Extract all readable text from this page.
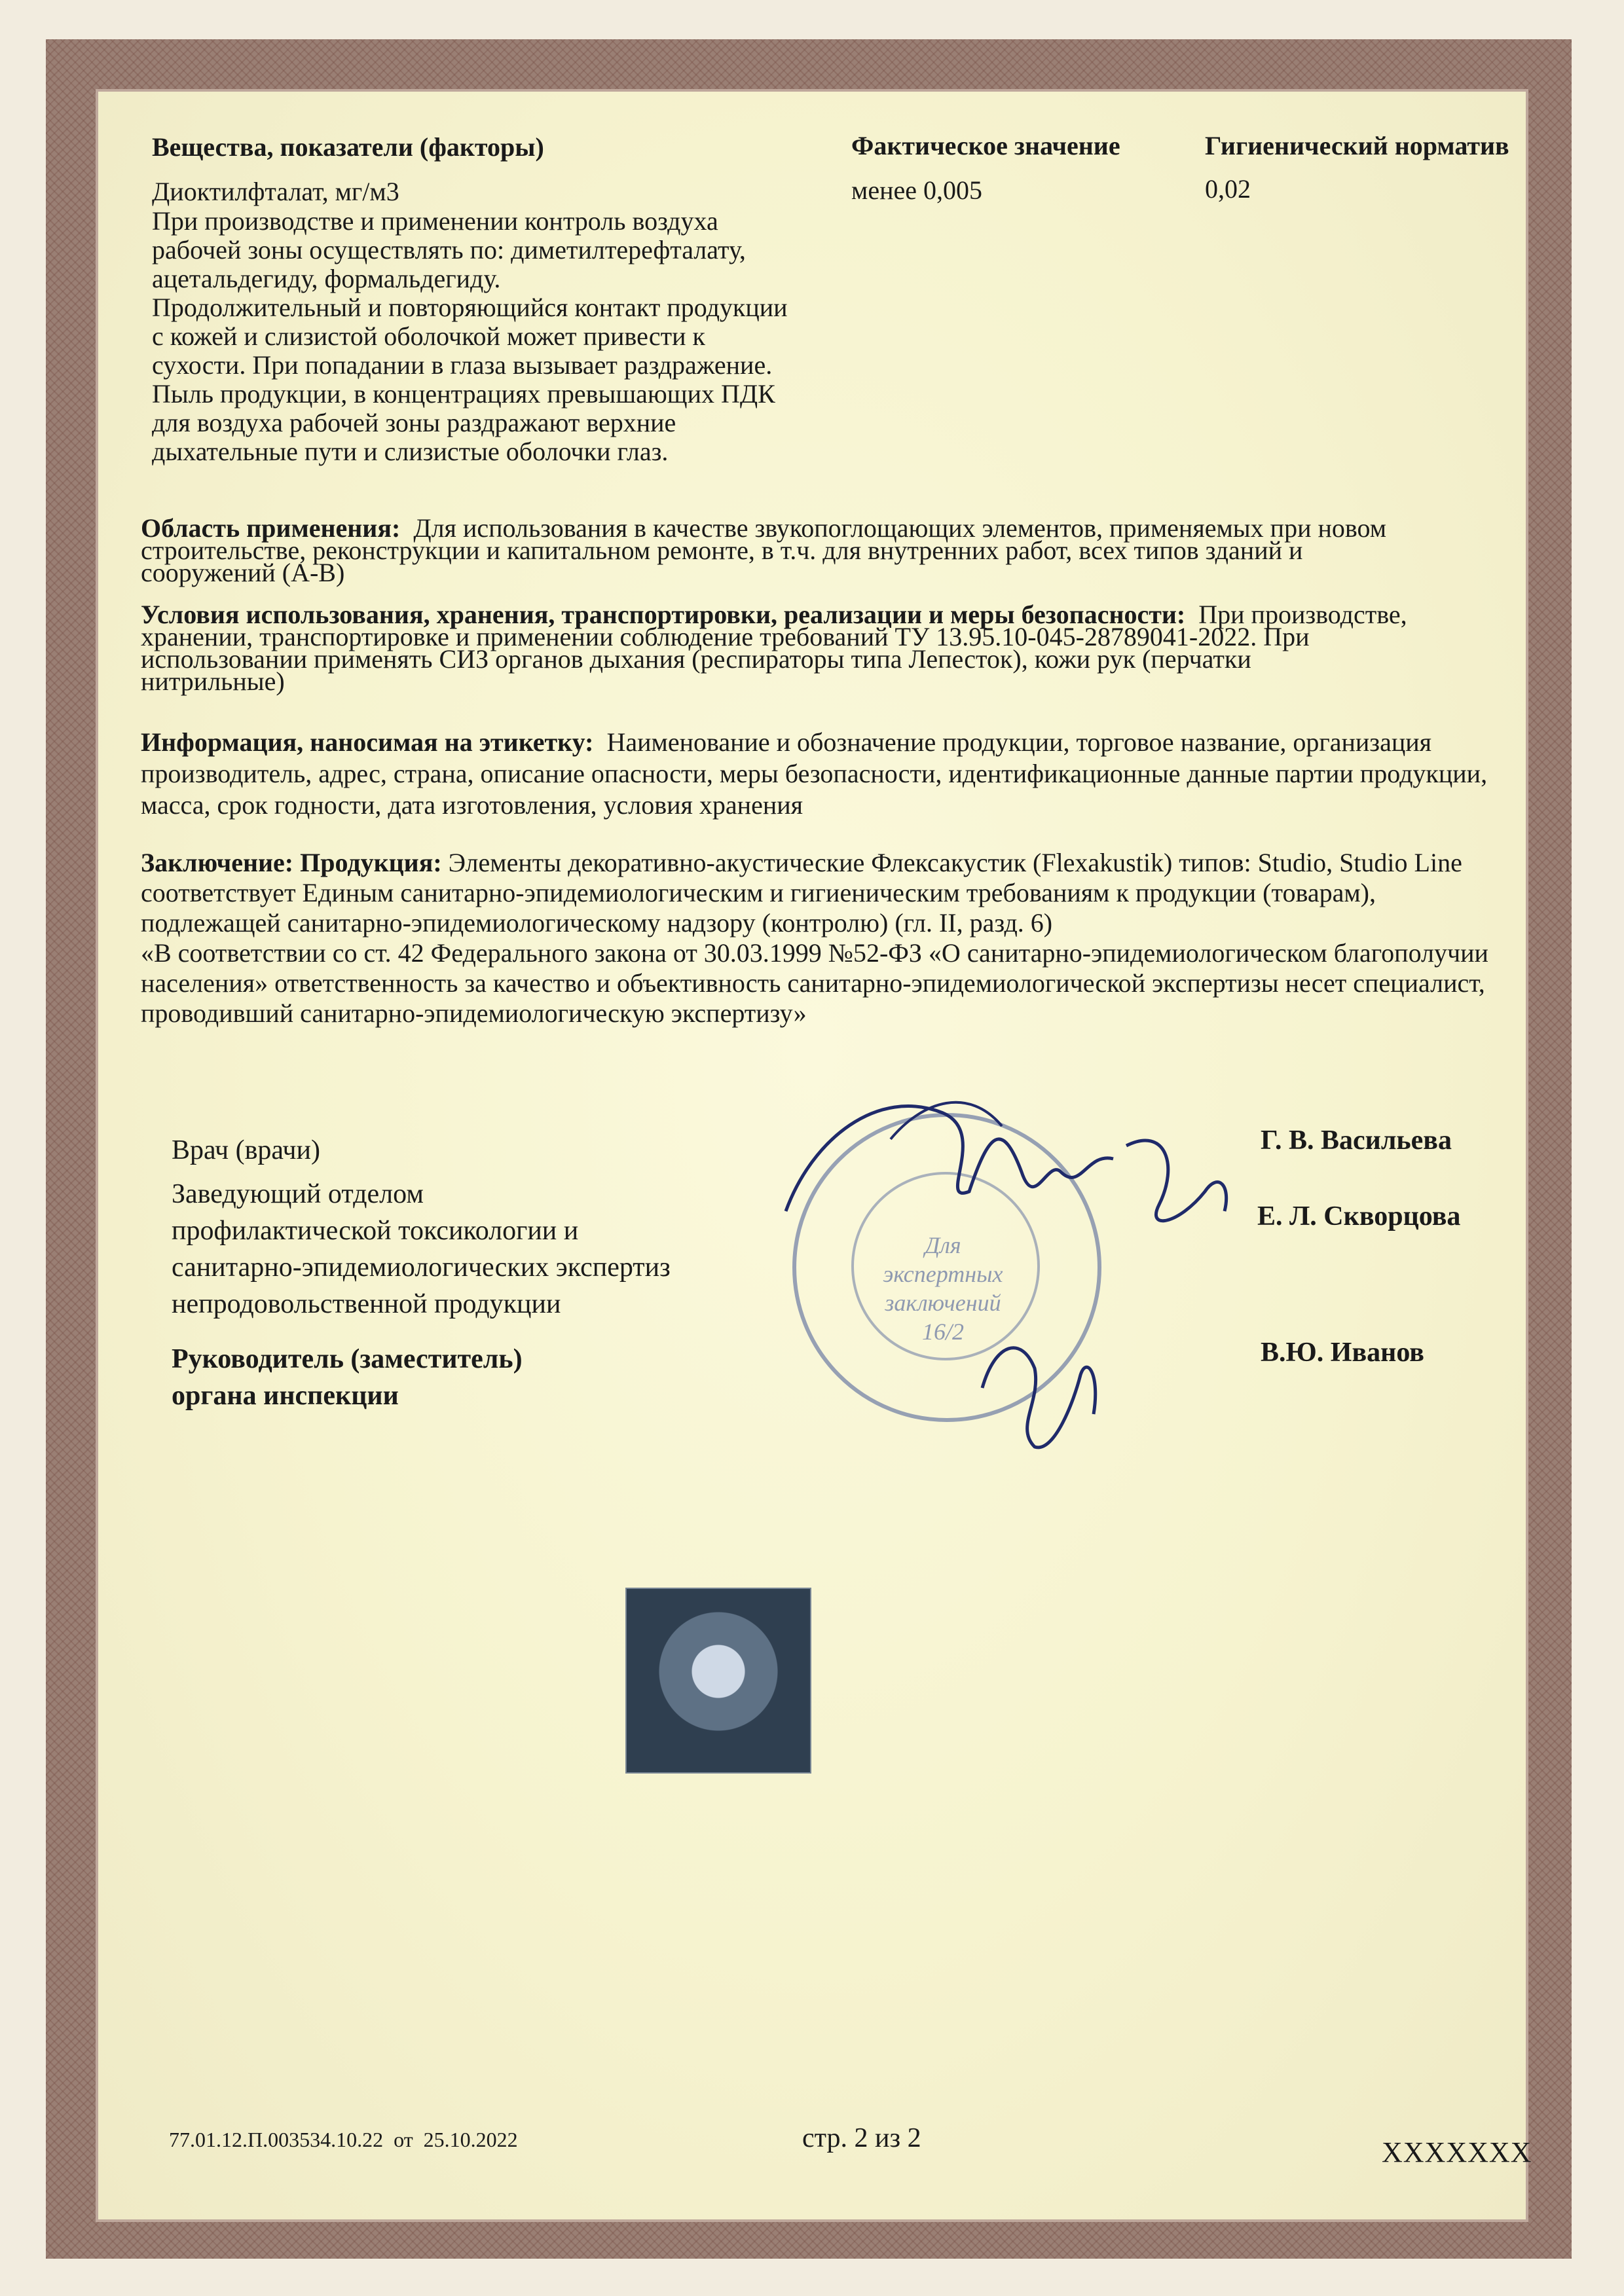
Вещества, показатели (факторы)	Фактическое значение	Гигиенический норматив
Диоктилфталат, мг/м3	менее 0,005	0,02
При производстве и применении контроль воздуха
рабочей зоны осуществлять по: диметилтерефталату,
ацетальдегиду, формальдегиду.
Продолжительный и повторяющийся контакт продукции
с кожей и слизистой оболочкой может привести к
сухости. При попадании в глаза вызывает раздражение.
Пыль продукции, в концентрациях превышающих ПДК
для воздуха рабочей зоны раздражают верхние
дыхательные пути и слизистые оболочки глаз.
Область применения: Для использования в качестве звукопоглощающих элементов, применяемых при новом
строительстве, реконструкции и капитальном ремонте, в т.ч. для внутренних работ, всех типов зданий и
сооружений (А-В)
Условия использования, хранения, транспортировки, реализации и меры безопасности: При производстве,
хранении, транспортировке и применении соблюдение требований ТУ 13.95.10-045-28789041-2022. При
использовании применять СИЗ органов дыхания (респираторы типа Лепесток), кожи рук (перчатки
нитрильные)
Информация, наносимая на этикетку: Наименование и обозначение продукции, торговое название, организация
производитель, адрес, страна, описание опасности, меры безопасности, идентификационные данные партии продукции,
масса, срок годности, дата изготовления, условия хранения
Заключение: Продукция: Элементы декоративно-акустические Флексакустик (Flexakustik) типов: Studio, Studio Line
соответствует Единым санитарно-эпидемиологическим и гигиеническим требованиям к продукции (товарам),
подлежащей санитарно-эпидемиологическому надзору (контролю) (гл. II, разд. 6)
«В соответствии со ст. 42 Федерального закона от 30.03.1999 №52-ФЗ «О санитарно-эпидемиологическом благополучии
населения» ответственность за качество и объективность санитарно-эпидемиологической экспертизы несет специалист,
проводивший санитарно-эпидемиологическую экспертизу»
Врач (врачи)
Заведующий отделом
профилактической токсикологии и
санитарно-эпидемиологических экспертиз
непродовольственной продукции
Руководитель (заместитель)
органа инспекции
Г. В. Васильева
Е. Л. Скворцова
В.Ю. Иванов
Для
экспертных
заключений
16/2
77.01.12.П.003534.10.22 от 25.10.2022	стр. 2 из 2	XXXXXXX
